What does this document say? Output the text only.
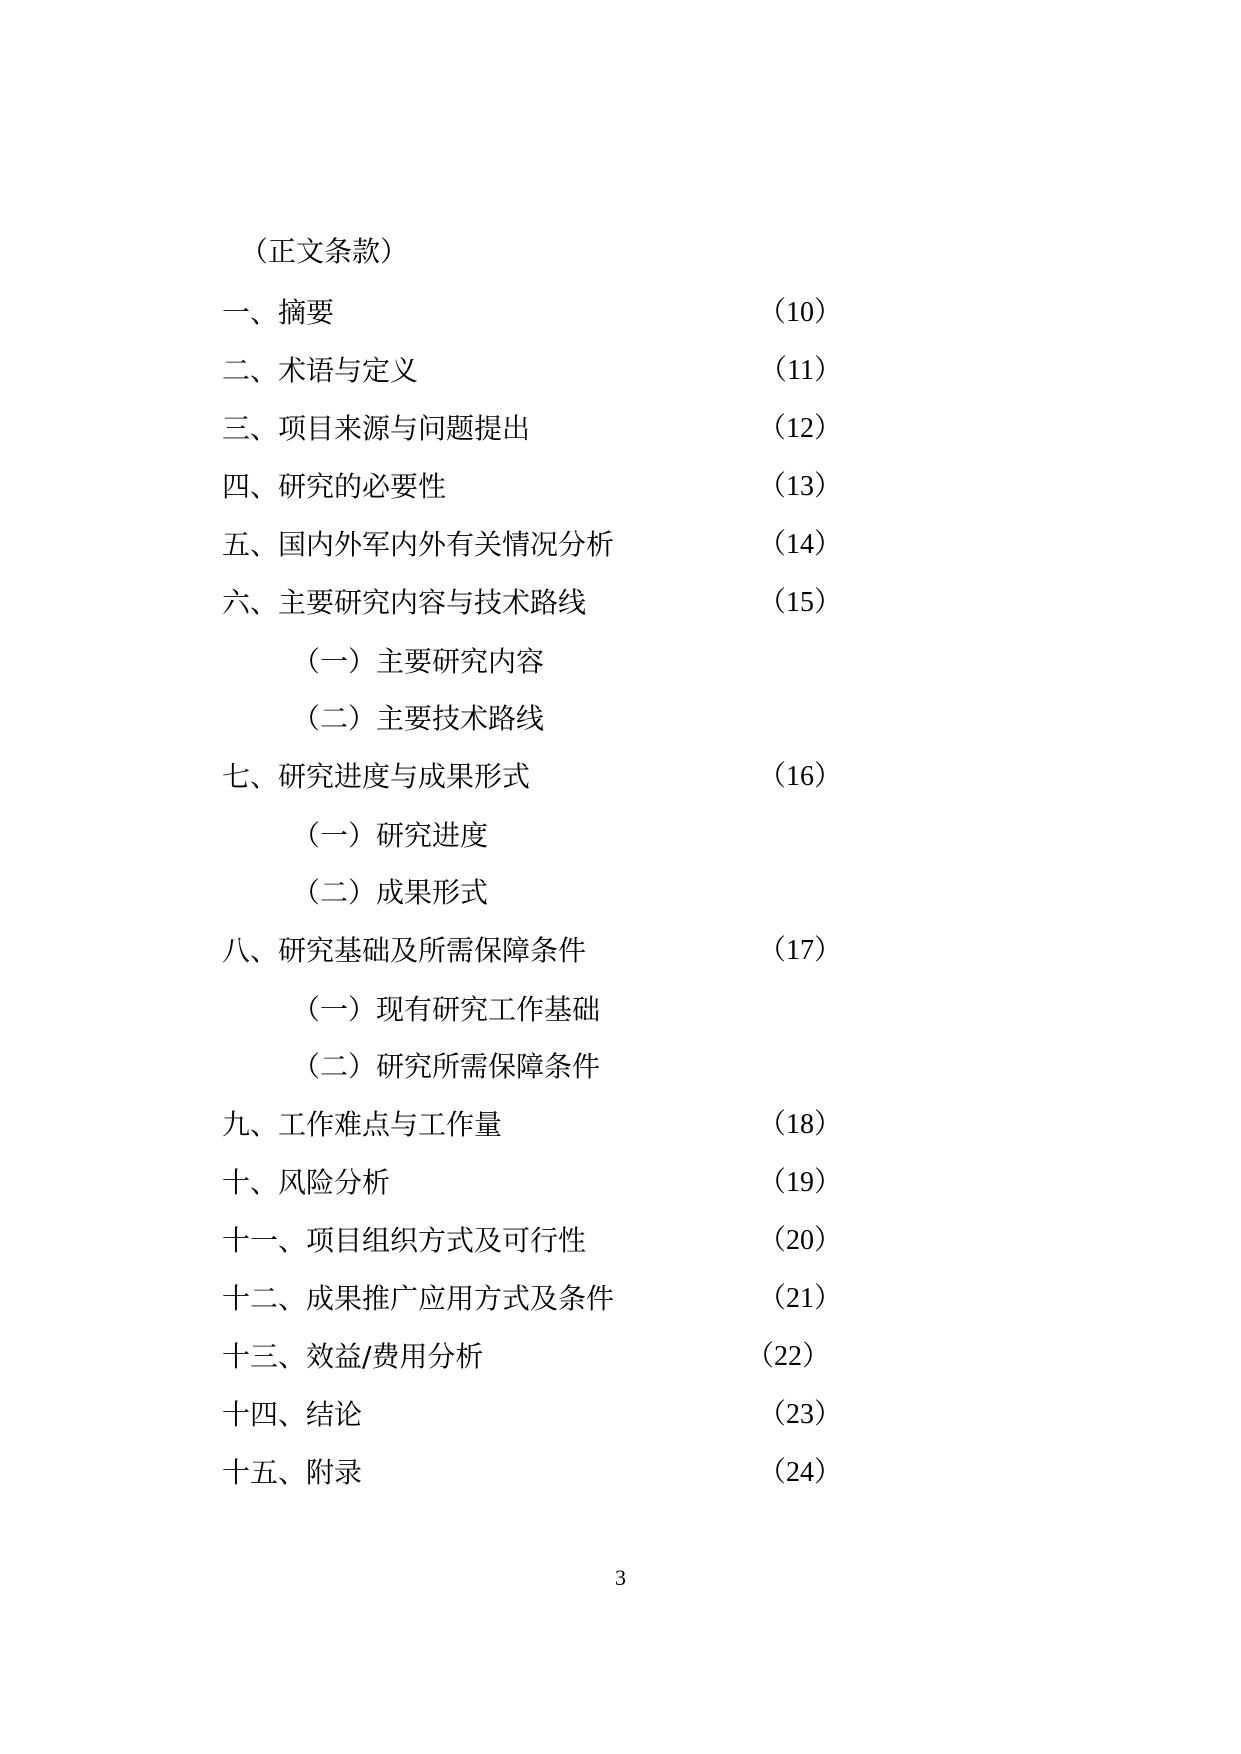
（正文条款）
一、摘要	（10）
二、术语与定义	（11）
三、项目来源与问题提出	（12）
四、研究的必要性	（13）
五、国内外军内外有关情况分析	（14）
六、主要研究内容与技术路线	（15）
（一）主要研究内容
（二）主要技术路线
七、研究进度与成果形式	（16）
（一）研究进度
（二）成果形式
八、研究基础及所需保障条件	（17）
（一）现有研究工作基础
（二）研究所需保障条件
九、工作难点与工作量	（18）
十、风险分析	（19）
十一、项目组织方式及可行性	（20）
十二、成果推广应用方式及条件	（21）
十三、效益/费用分析	（22）
十四、结论	（23）
十五、附录	（24）
3
